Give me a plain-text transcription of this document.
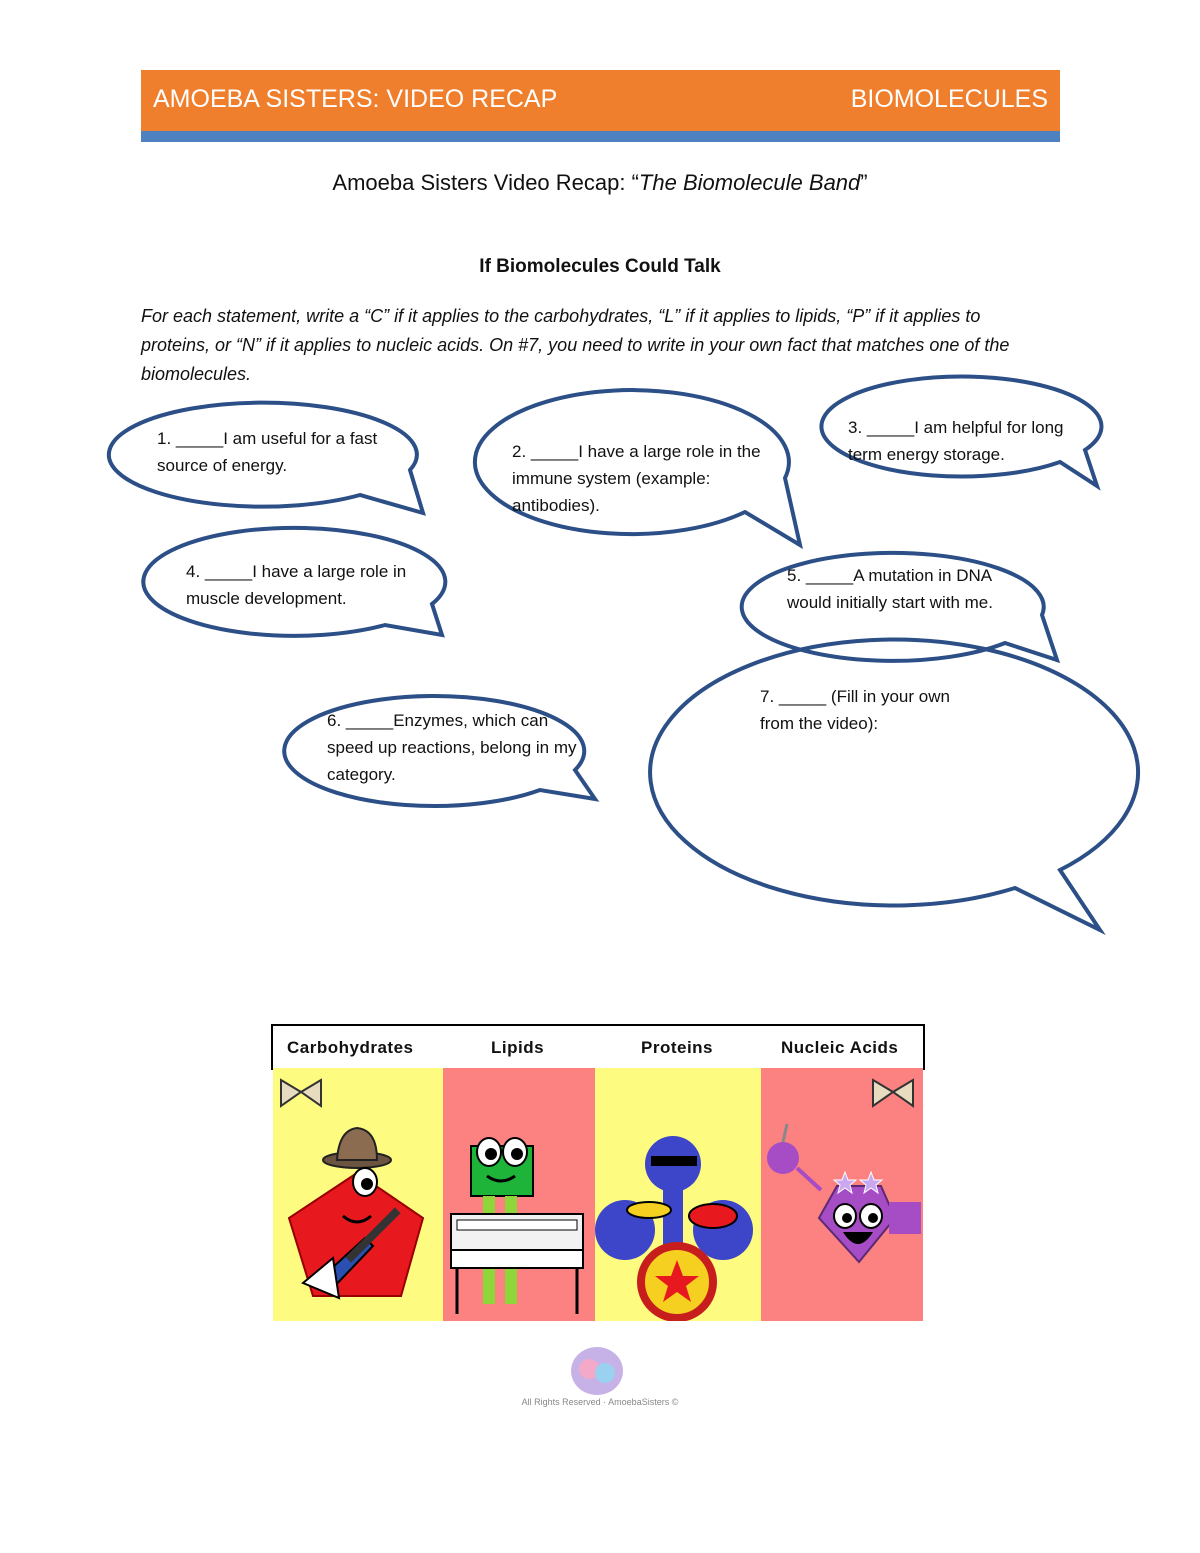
AMOEBA SISTERS: VIDEO RECAP	BIOMOLECULES
Amoeba Sisters Video Recap: “The Biomolecule Band”
If Biomolecules Could Talk
For each statement, write a “C” if it applies to the carbohydrates, “L” if it applies to lipids, “P” if it applies to proteins, or “N” if it applies to nucleic acids. On #7, you need to write in your own fact that matches one of the biomolecules.
1. _____I am useful for a fast source of energy.
2. _____I have a large role in the immune system (example: antibodies).
3. _____I am helpful for long term energy storage.
4. _____I have a large role in muscle development.
5. _____A mutation in DNA would initially start with me.
6. _____Enzymes, which can speed up reactions, belong in my category.
7. _____ (Fill in your own from the video):
Carbohydrates	Lipids	Proteins	Nucleic Acids
All Rights Reserved · AmoebaSisters ©
